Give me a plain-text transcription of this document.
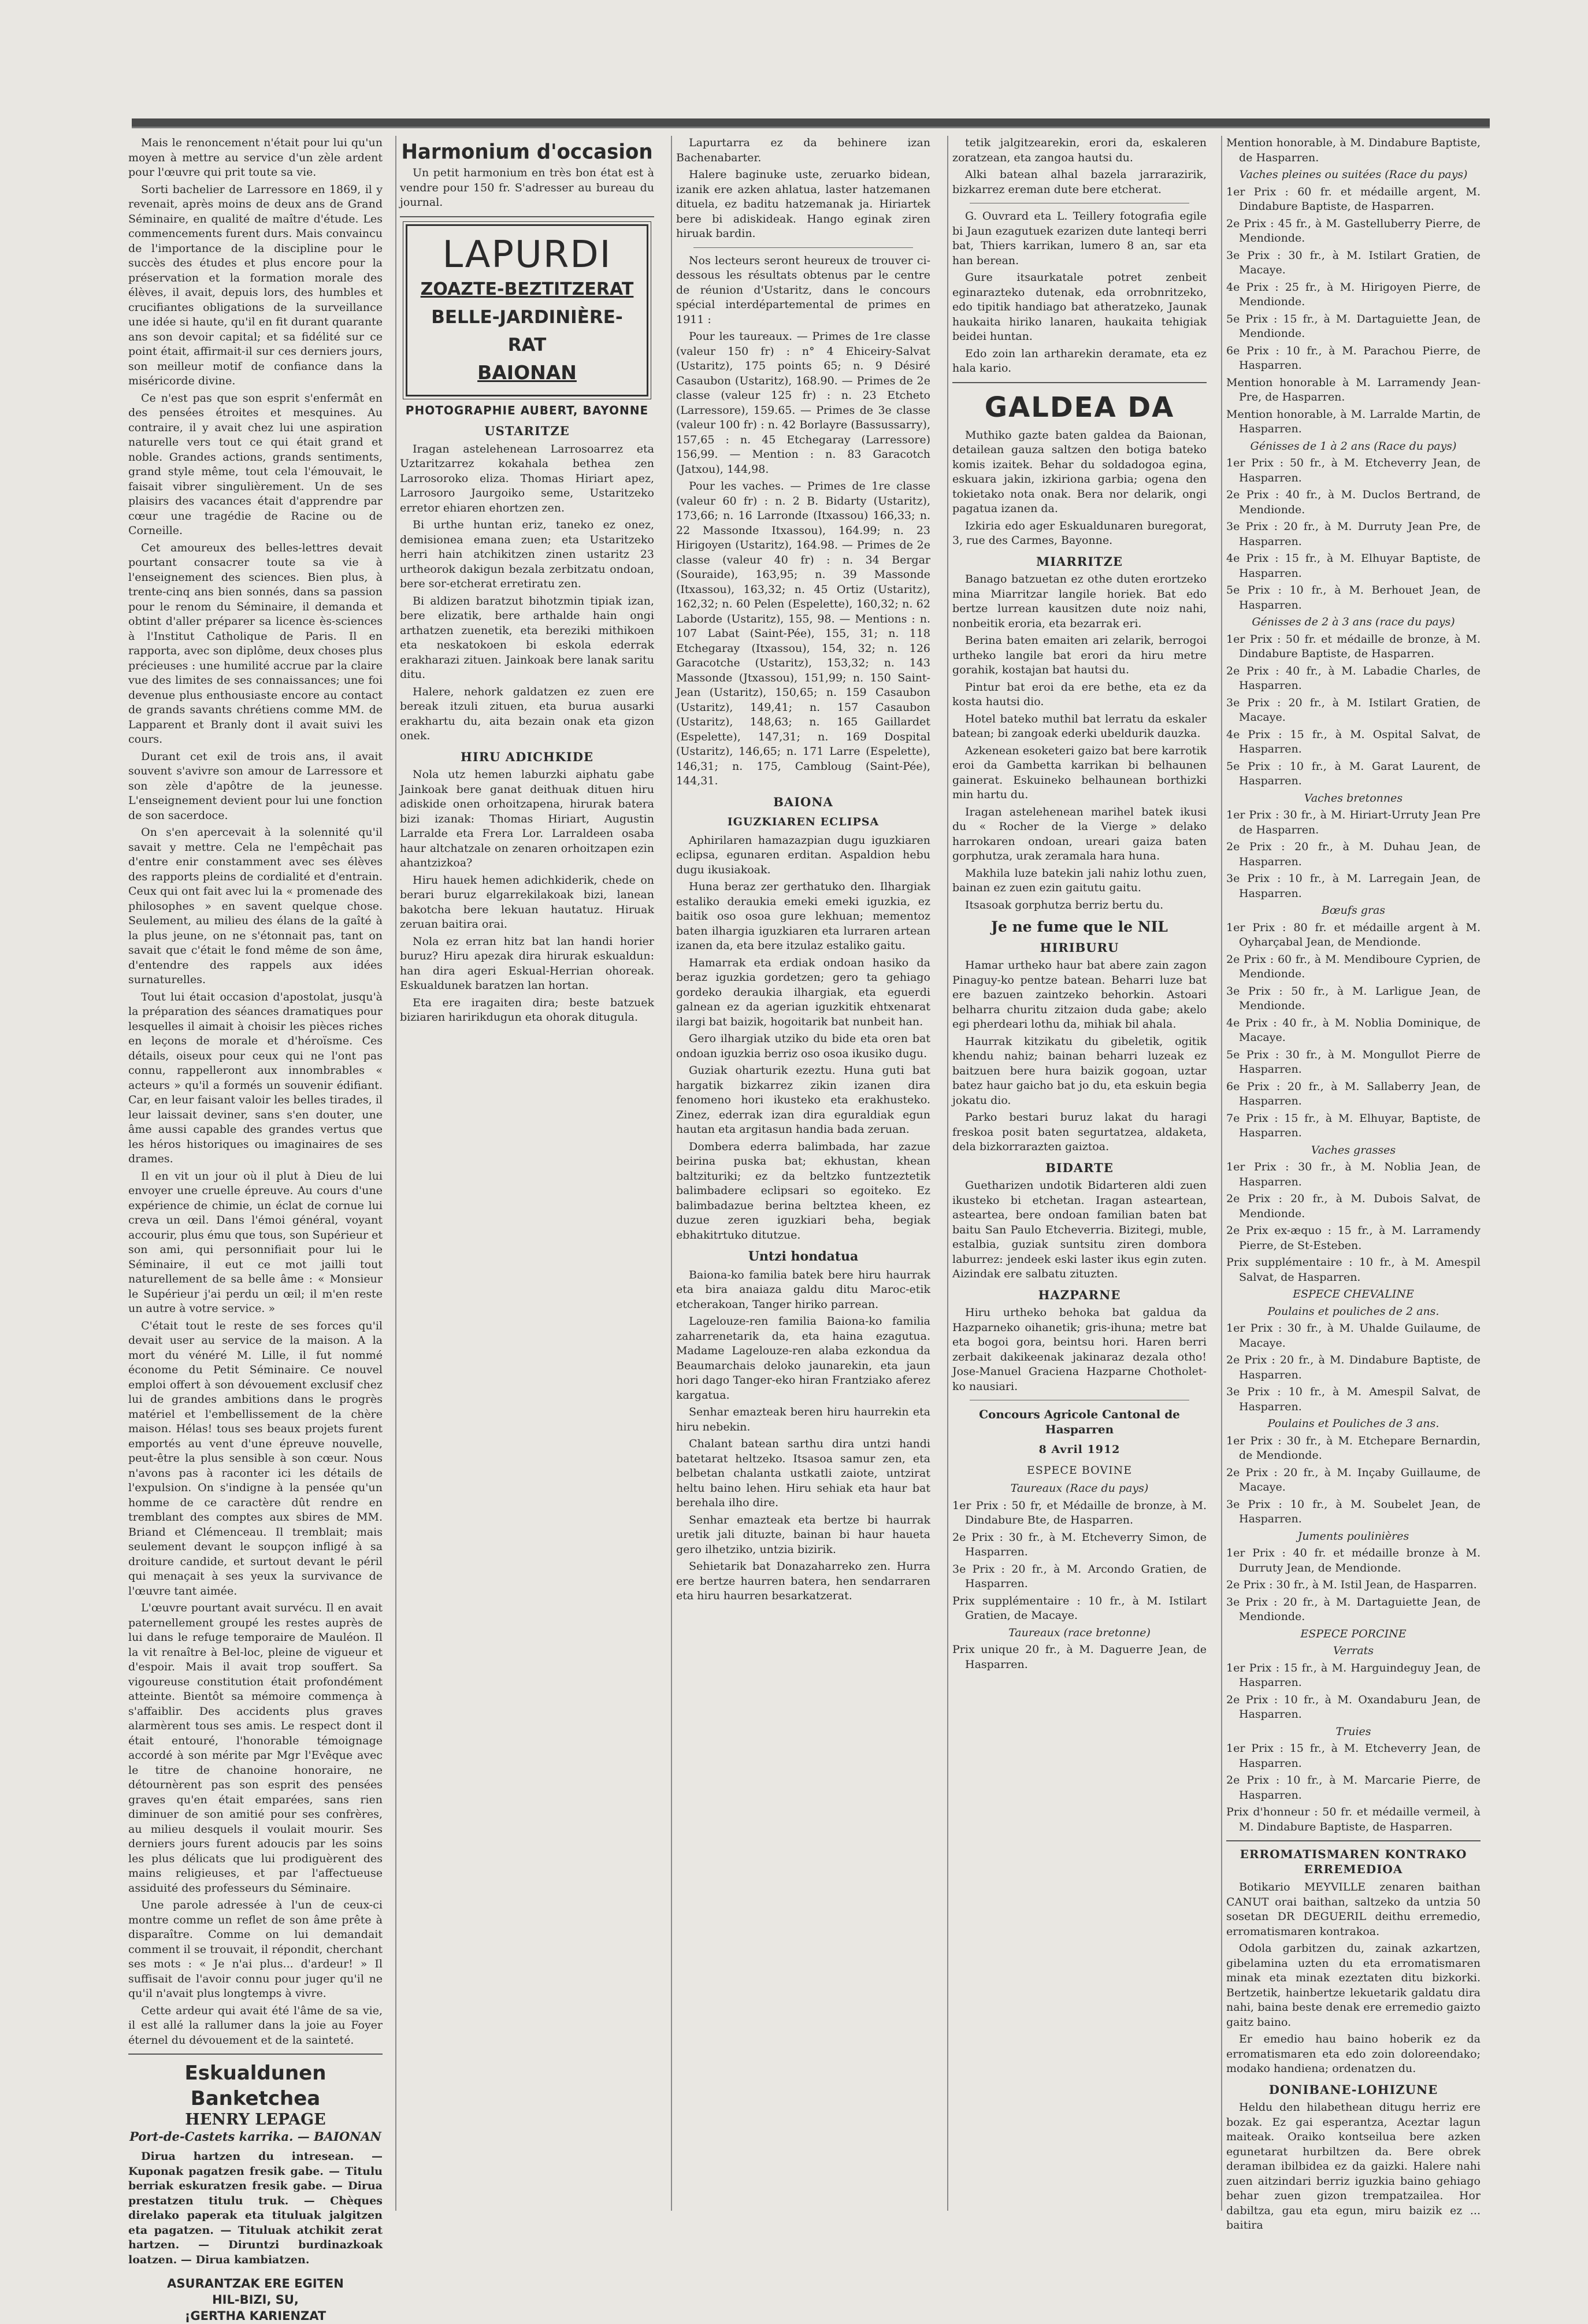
Mais le renoncement n'était pour lui qu'un moyen à mettre au service d'un zèle ardent pour l'œuvre qui prit toute sa vie.

Sorti bachelier de Larressore en 1869, il y revenait, après moins de deux ans de Grand Séminaire, en qualité de maître d'étude. Les commencements furent durs. Mais convaincu de l'importance de la discipline pour le succès des études et plus encore pour la préservation et la formation morale des élèves, il avait, depuis lors, des humbles et crucifiantes obligations de la surveillance une idée si haute, qu'il en fit durant quarante ans son devoir capital; et sa fidélité sur ce point était, affirmait-il sur ces derniers jours, son meilleur motif de confiance dans la miséricorde divine.

Ce n'est pas que son esprit s'enfermât en des pensées étroites et mesquines. Au contraire, il y avait chez lui une aspiration naturelle vers tout ce qui était grand et noble. Grandes actions, grands sentiments, grand style même, tout cela l'émouvait, le faisait vibrer singulièrement. Un de ses plaisirs des vacances était d'apprendre par cœur une tragédie de Racine ou de Corneille.

Cet amoureux des belles-lettres devait pourtant consacrer toute sa vie à l'enseignement des sciences. Bien plus, à trente-cinq ans bien sonnés, dans sa passion pour le renom du Séminaire, il demanda et obtint d'aller préparer sa licence ès-sciences à l'Institut Catholique de Paris. Il en rapporta, avec son diplôme, deux choses plus précieuses : une humilité accrue par la claire vue des limites de ses connaissances; une foi devenue plus enthousiaste encore au contact de grands savants chrétiens comme MM. de Lapparent et Branly dont il avait suivi les cours.

Durant cet exil de trois ans, il avait souvent s'avivre son amour de Larressore et son zèle d'apôtre de la jeunesse. L'enseignement devient pour lui une fonction de son sacerdoce.

On s'en apercevait à la solennité qu'il savait y mettre. Cela ne l'empêchait pas d'entre enir constamment avec ses élèves des rapports pleins de cordialité et d'entrain. Ceux qui ont fait avec lui la « promenade des philosophes » en savent quelque chose. Seulement, au milieu des élans de la gaîté à la plus jeune, on ne s'étonnait pas, tant on savait que c'était le fond même de son âme, d'entendre des rappels aux idées surnaturelles.

Tout lui était occasion d'apostolat, jusqu'à la préparation des séances dramatiques pour lesquelles il aimait à choisir les pièces riches en leçons de morale et d'héroïsme. Ces détails, oiseux pour ceux qui ne l'ont pas connu, rappelleront aux innombrables « acteurs » qu'il a formés un souvenir édifiant. Car, en leur faisant valoir les belles tirades, il leur laissait deviner, sans s'en douter, une âme aussi capable des grandes vertus que les héros historiques ou imaginaires de ses drames.

Il en vit un jour où il plut à Dieu de lui envoyer une cruelle épreuve. Au cours d'une expérience de chimie, un éclat de cornue lui creva un œil. Dans l'émoi général, voyant accourir, plus ému que tous, son Supérieur et son ami, qui personnifiait pour lui le Séminaire, il eut ce mot jailli tout naturellement de sa belle âme : « Monsieur le Supérieur j'ai perdu un œil; il m'en reste un autre à votre service. »

C'était tout le reste de ses forces qu'il devait user au service de la maison. A la mort du vénéré M. Lille, il fut nommé économe du Petit Séminaire. Ce nouvel emploi offert à son dévouement exclusif chez lui de grandes ambitions dans le progrès matériel et l'embellissement de la chère maison. Hélas! tous ses beaux projets furent emportés au vent d'une épreuve nouvelle, peut-être la plus sensible à son cœur. Nous n'avons pas à raconter ici les détails de l'expulsion. On s'indigne à la pensée qu'un homme de ce caractère dût rendre en tremblant des comptes aux sbires de MM. Briand et Clémenceau. Il tremblait; mais seulement devant le soupçon infligé à sa droiture candide, et surtout devant le péril qui menaçait à ses yeux la survivance de l'œuvre tant aimée.

L'œuvre pourtant avait survécu. Il en avait paternellement groupé les restes auprès de lui dans le refuge temporaire de Mauléon. Il la vit renaître à Bel-loc, pleine de vigueur et d'espoir. Mais il avait trop souffert. Sa vigoureuse constitution était profondément atteinte. Bientôt sa mémoire commença à s'affaiblir. Des accidents plus graves alarmèrent tous ses amis. Le respect dont il était entouré, l'honorable témoignage accordé à son mérite par Mgr l'Evêque avec le titre de chanoine honoraire, ne détournèrent pas son esprit des pensées graves qu'en était emparées, sans rien diminuer de son amitié pour ses confrères, au milieu desquels il voulait mourir. Ses derniers jours furent adoucis par les soins les plus délicats que lui prodiguèrent des mains religieuses, et par l'affectueuse assiduité des professeurs du Séminaire.

Une parole adressée à l'un de ceux-ci montre comme un reflet de son âme prête à disparaître. Comme on lui demandait comment il se trouvait, il répondit, cherchant ses mots : « Je n'ai plus... d'ardeur! » Il suffisait de l'avoir connu pour juger qu'il ne qu'il n'avait plus longtemps à vivre.

Cette ardeur qui avait été l'âme de sa vie, il est allé la rallumer dans la joie au Foyer éternel du dévouement et de la sainteté.

Eskualdunen Banketchea
HENRY LEPAGE
Port-de-Castets karrika. — BAIONAN

Dirua hartzen du intresean. — Kuponak pagatzen fresik gabe. — Titulu berriak eskuratzen fresik gabe. — Dirua prestatzen titulu truk. — Chèques direlako paperak eta tituluak jalgitzen eta pagatzen. — Tituluak atchikit zerat hartzen. — Diruntzi burdinazkoak loatzen. — Dirua kambiatzen.

ASURANTZAK ERE EGITEN
HIL-BIZI, SU,
¡GERTHA KARIENZAT
Harmonium d'occasion

Un petit harmonium en très bon état est à vendre pour 150 fr. S'adresser au bureau du journal.

LAPURDI
ZOAZTE-BEZTITZERAT
BELLE-JARDINIÈRE-RAT
BAIONAN
PHOTOGRAPHIE AUBERT, BAYONNE
USTARITZE

Iragan astelehenean Larrosoarrez eta Uztaritzarrez kokahala bethea zen Larrosoroko eliza. Thomas Hiriart apez, Larrosoro Jaurgoiko seme, Ustaritzeko erretor ehiaren ehortzen zen.

Bi urthe huntan eriz, taneko ez onez, demisionea emana zuen; eta Ustaritzeko herri hain atchikitzen zinen ustaritz 23 urtheorok dakigun bezala zerbitzatu ondoan, bere sor-etcherat erretiratu zen.

Bi aldizen baratzut bihotzmin tipiak izan, bere elizatik, bere arthalde hain ongi arthatzen zuenetik, eta bereziki mithikoen eta neskatokoen bi eskola ederrak erakharazi zituen. Jainkoak bere lanak saritu ditu.

Halere, nehork galdatzen ez zuen ere bereak itzuli zituen, eta burua ausarki erakhartu du, aita bezain onak eta gizon onek.

HIRU ADICHKIDE

Nola utz hemen laburzki aiphatu gabe Jainkoak bere ganat deithuak dituen hiru adiskide onen orhoitzapena, hirurak batera bizi izanak: Thomas Hiriart, Augustin Larralde eta Frera Lor. Larraldeen osaba haur altchatzale on zenaren orhoitzapen ezin ahantzizkoa?

Hiru hauek hemen adichkiderik, chede on berari buruz elgarrekilakoak bizi, lanean bakotcha bere lekuan hautatuz. Hiruak zeruan baitira orai.

Nola ez erran hitz bat lan handi horier buruz? Hiru apezak dira hirurak eskualdun: han dira ageri Eskual-Herrian ohoreak. Eskualdunek baratzen lan hortan.

Eta ere iragaiten dira; beste batzuek biziaren haririkdugun eta ohorak ditugula.

Lapurtarra ez da behinere izan Bachenabarter.

Halere baginuke uste, zeruarko bidean, izanik ere azken ahlatua, laster hatzemanen dituela, ez baditu hatzemanak ja. Hiriartek bere bi adiskideak. Hango eginak ziren hiruak bardin.

Nos lecteurs seront heureux de trouver ci-dessous les résultats obtenus par le centre de réunion d'Ustaritz, dans le concours spécial interdépartemental de primes en 1911 :

Pour les taureaux. — Primes de 1re classe (valeur 150 fr) : n° 4 Ehiceiry-Salvat (Ustaritz), 175 points 65; n. 9 Désiré Casaubon (Ustaritz), 168.90. — Primes de 2e classe (valeur 125 fr) : n. 23 Etcheto (Larressore), 159.65. — Primes de 3e classe (valeur 100 fr) : n. 42 Borlayre (Bassussarry), 157,65 : n. 45 Etchegaray (Larressore) 156,99. — Mention : n. 83 Garacotch (Jatxou), 144,98.

Pour les vaches. — Primes de 1re classe (valeur 60 fr) : n. 2 B. Bidarty (Ustaritz), 173,66; n. 16 Larronde (Itxassou) 166,33; n. 22 Massonde Itxassou), 164.99; n. 23 Hirigoyen (Ustaritz), 164.98. — Primes de 2e classe (valeur 40 fr) : n. 34 Bergar (Souraide), 163,95; n. 39 Massonde (Itxassou), 163,32; n. 45 Ortiz (Ustaritz), 162,32; n. 60 Pelen (Espelette), 160,32; n. 62 Laborde (Ustaritz), 155, 98. — Mentions : n. 107 Labat (Saint-Pée), 155, 31; n. 118 Etchegaray (Itxassou), 154, 32; n. 126 Garacotche (Ustaritz), 153,32; n. 143 Massonde (Jtxassou), 151,99; n. 150 Saint-Jean (Ustaritz), 150,65; n. 159 Casaubon (Ustaritz), 149,41; n. 157 Casaubon (Ustaritz), 148,63; n. 165 Gaillardet (Espelette), 147,31; n. 169 Dospital (Ustaritz), 146,65; n. 171 Larre (Espelette), 146,31; n. 175, Cambloug (Saint-Pée), 144,31.

BAIONA
IGUZKIAREN ECLIPSA

Aphirilaren hamazazpian dugu iguzkiaren eclipsa, egunaren erditan. Aspaldion hebu dugu ikusiakoak.

Huna beraz zer gerthatuko den. Ilhargiak estaliko deraukia emeki emeki iguzkia, ez baitik oso osoa gure lekhuan; mementoz baten ilhargia iguzkiaren eta lurraren artean izanen da, eta bere itzulaz estaliko gaitu.

Hamarrak eta erdiak ondoan hasiko da beraz iguzkia gordetzen; gero ta gehiago gordeko deraukia ilhargiak, eta eguerdi galnean ez da agerian iguzkitik ehtxenarat ilargi bat baizik, hogoitarik bat nunbeit han.

Gero ilhargiak utziko du bide eta oren bat ondoan iguzkia berriz oso osoa ikusiko dugu.

Guziak oharturik ezeztu. Huna guti bat hargatik bizkarrez zikin izanen dira fenomeno hori ikusteko eta erakhusteko. Zinez, ederrak izan dira eguraldiak egun hautan eta argitasun handia bada zeruan.

Dombera ederra balimbada, har zazue beirina puska bat; ekhustan, khean baltzituriki; ez da beltzko funtzeztetik balimbadere eclipsari so egoiteko. Ez balimbadazue berina beltztea kheen, ez duzue zeren iguzkiari beha, begiak ebhakitrtuko ditutzue.

Untzi hondatua

Baiona-ko familia batek bere hiru haurrak eta bira anaiaza galdu ditu Maroc-etik etcherakoan, Tanger hiriko parrean.

Lagelouze-ren familia Baiona-ko familia zaharrenetarik da, eta haina ezagutua. Madame Lagelouze-ren alaba ezkondua da Beaumarchais deloko jaunarekin, eta jaun hori dago Tanger-eko hiran Frantziako aferez kargatua.

Senhar emazteak beren hiru haurrekin eta hiru nebekin.

Chalant batean sarthu dira untzi handi batetarat heltzeko. Itsasoa samur zen, eta belbetan chalanta ustkatli zaiote, untzirat heltu baino lehen. Hiru sehiak eta haur bat berehala ilho dire.

Senhar emazteak eta bertze bi haurrak uretik jali dituzte, bainan bi haur haueta gero ilhetziko, untzia bizirik.

Sehietarik bat Donazaharreko zen. Hurra ere bertze haurren batera, hen sendarraren eta hiru haurren besarkatzerat.

tetik jalgitzearekin, erori da, eskaleren zoratzean, eta zangoa hautsi du.

Alki batean alhal bazela jarrarazirik, bizkarrez ereman dute bere etcherat.

G. Ouvrard eta L. Teillery fotografia egile bi Jaun ezagutuek ezarizen dute lanteqi berri bat, Thiers karrikan, lumero 8 an, sar eta han berean.

Gure itsaurkatale potret zenbeit eginarazteko dutenak, eda orrobnritzeko, edo tipitik handiago bat atheratzeko, Jaunak haukaita hiriko lanaren, haukaita tehigiak beidei huntan.

Edo zoin lan artharekin deramate, eta ez hala kario.

GALDEA DA

Muthiko gazte baten galdea da Baionan, detailean gauza saltzen den botiga bateko komis izaitek. Behar du soldadogoa egina, eskuara jakin, izkiriona garbia; ogena den tokietako nota onak. Bera nor delarik, ongi pagatua izanen da.

Izkiria edo ager Eskualdunaren buregorat, 3, rue des Carmes, Bayonne.

MIARRITZE

Banago batzuetan ez othe duten erortzeko mina Miarritzar langile horiek. Bat edo bertze lurrean kausitzen dute noiz nahi, nonbeitik eroria, eta bezarrak eri.

Berina baten emaiten ari zelarik, berrogoi urtheko langile bat erori da hiru metre gorahik, kostajan bat hautsi du.

Pintur bat eroi da ere bethe, eta ez da kosta hautsi dio.

Hotel bateko muthil bat lerratu da eskaler batean; bi zangoak ederki ubeldurik dauzka.

Azkenean esoketeri gaizo bat bere karrotik eroi da Gambetta karrikan bi belhaunen gainerat. Eskuineko belhaunean borthizki min hartu du.

Iragan astelehenean marihel batek ikusi du « Rocher de la Vierge » delako harrokaren ondoan, ureari gaiza baten gorphutza, urak zeramala hara huna.

Makhila luze batekin jali nahiz lothu zuen, bainan ez zuen ezin gaitutu gaitu.

Itsasoak gorphutza berriz bertu du.

Je ne fume que le NIL
HIRIBURU

Hamar urtheko haur bat abere zain zagon Pinaguy-ko pentze batean. Beharri luze bat ere bazuen zaintzeko behorkin. Astoari belharra churitu zitzaion duda gabe; akelo egi pherdeari lothu da, mihiak bil ahala.

Haurrak kitzikatu du gibeletik, ogitik khendu nahiz; bainan beharri luzeak ez baitzuen bere hura baizik gogoan, uztar batez haur gaicho bat jo du, eta eskuin begia jokatu dio.

Parko bestari buruz lakat du haragi freskoa posit baten segurtatzea, aldaketa, dela bizkorrarazten gaiztoa.

BIDARTE

Guetharizen undotik Bidarteren aldi zuen ikusteko bi etchetan. Iragan asteartean, asteartea, bere ondoan familian baten bat baitu San Paulo Etcheverria. Bizitegi, muble, estalbia, guziak suntsitu ziren dombora laburrez: jendeek eski laster ikus egin zuten. Aizindak ere salbatu zituzten.

HAZPARNE

Hiru urtheko behoka bat galdua da Hazparneko oihanetik; gris-ihuna; metre bat eta bogoi gora, beintsu hori. Haren berri zerbait dakikeenak jakinaraz dezala otho! Jose-Manuel Graciena Hazparne Chotholet-ko nausiari.

Concours Agricole Cantonal de Hasparren
8 Avril 1912
ESPECE BOVINE
Taureaux (Race du pays)

1er Prix : 50 fr, et Médaille de bronze, à M. Dindabure Bte, de Hasparren.

2e Prix : 30 fr., à M. Etcheverry Simon, de Hasparren.

3e Prix : 20 fr., à M. Arcondo Gratien, de Hasparren.

Prix supplémentaire : 10 fr., à M. Istilart Gratien, de Macaye.

Taureaux (race bretonne)

Prix unique 20 fr., à M. Daguerre Jean, de Hasparren.

Mention honorable, à M. Dindabure Baptiste, de Hasparren.

Vaches pleines ou suitées (Race du pays)

1er Prix : 60 fr. et médaille argent, M. Dindabure Baptiste, de Hasparren.

2e Prix : 45 fr., à M. Gastelluberry Pierre, de Mendionde.

3e Prix : 30 fr., à M. Istilart Gratien, de Macaye.

4e Prix : 25 fr., à M. Hirigoyen Pierre, de Mendionde.

5e Prix : 15 fr., à M. Dartaguiette Jean, de Mendionde.

6e Prix : 10 fr., à M. Parachou Pierre, de Hasparren.

Mention honorable à M. Larramendy Jean-Pre, de Hasparren.

Mention honorable, à M. Larralde Martin, de Hasparren.

Génisses de 1 à 2 ans (Race du pays)

1er Prix : 50 fr., à M. Etcheverry Jean, de Hasparren.

2e Prix : 40 fr., à M. Duclos Bertrand, de Mendionde.

3e Prix : 20 fr., à M. Durruty Jean Pre, de Hasparren.

4e Prix : 15 fr., à M. Elhuyar Baptiste, de Hasparren.

5e Prix : 10 fr., à M. Berhouet Jean, de Hasparren.

Génisses de 2 à 3 ans (race du pays)

1er Prix : 50 fr. et médaille de bronze, à M. Dindabure Baptiste, de Hasparren.

2e Prix : 40 fr., à M. Labadie Charles, de Hasparren.

3e Prix : 20 fr., à M. Istilart Gratien, de Macaye.

4e Prix : 15 fr., à M. Ospital Salvat, de Hasparren.

5e Prix : 10 fr., à M. Garat Laurent, de Hasparren.

Vaches bretonnes

1er Prix : 30 fr., à M. Hiriart-Urruty Jean Pre de Hasparren.

2e Prix : 20 fr., à M. Duhau Jean, de Hasparren.

3e Prix : 10 fr., à M. Larregain Jean, de Hasparren.

Bœufs gras

1er Prix : 80 fr. et médaille argent à M. Oyharçabal Jean, de Mendionde.

2e Prix : 60 fr., à M. Mendiboure Cyprien, de Mendionde.

3e Prix : 50 fr., à M. Larligue Jean, de Mendionde.

4e Prix : 40 fr., à M. Noblia Dominique, de Macaye.

5e Prix : 30 fr., à M. Mongullot Pierre de Hasparren.

6e Prix : 20 fr., à M. Sallaberry Jean, de Hasparren.

7e Prix : 15 fr., à M. Elhuyar, Baptiste, de Hasparren.

Vaches grasses

1er Prix : 30 fr., à M. Noblia Jean, de Hasparren.

2e Prix : 20 fr., à M. Dubois Salvat, de Mendionde.

2e Prix ex-æquo : 15 fr., à M. Larramendy Pierre, de St-Esteben.

Prix supplémentaire : 10 fr., à M. Amespil Salvat, de Hasparren.

ESPECE CHEVALINE
Poulains et pouliches de 2 ans.

1er Prix : 30 fr., à M. Uhalde Guilaume, de Macaye.

2e Prix : 20 fr., à M. Dindabure Baptiste, de Hasparren.

3e Prix : 10 fr., à M. Amespil Salvat, de Hasparren.

Poulains et Pouliches de 3 ans.

1er Prix : 30 fr., à M. Etchepare Bernardin, de Mendionde.

2e Prix : 20 fr., à M. Inçaby Guillaume, de Macaye.

3e Prix : 10 fr., à M. Soubelet Jean, de Hasparren.

Juments poulinières

1er Prix : 40 fr. et médaille bronze à M. Durruty Jean, de Mendionde.

2e Prix : 30 fr., à M. Istil Jean, de Hasparren.

3e Prix : 20 fr., à M. Dartaguiette Jean, de Mendionde.

ESPECE PORCINE
Verrats

1er Prix : 15 fr., à M. Harguindeguy Jean, de Hasparren.

2e Prix : 10 fr., à M. Oxandaburu Jean, de Hasparren.

Truies

1er Prix : 15 fr., à M. Etcheverry Jean, de Hasparren.

2e Prix : 10 fr., à M. Marcarie Pierre, de Hasparren.

Prix d'honneur : 50 fr. et médaille vermeil, à M. Dindabure Baptiste, de Hasparren.

ERROMATISMAREN KONTRAKO ERREMEDIOA

Botikario MEYVILLE zenaren baithan CANUT orai baithan, saltzeko da untzia 50 sosetan DR DEGUERIL deithu erremedio, erromatismaren kontrakoa.

Odola garbitzen du, zainak azkartzen, gibelamina uzten du eta erromatismaren minak eta minak ezeztaten ditu bizkorki. Bertzetik, hainbertze lekuetarik galdatu dira nahi, baina beste denak ere erremedio gaizto gaitz baino.

Er emedio hau baino hoberik ez da erromatismaren eta edo zoin doloreendako; modako handiena; ordenatzen du.

DONIBANE-LOHIZUNE

Heldu den hilabethean ditugu herriz ere bozak. Ez gai esperantza, Aceztar lagun maiteak. Oraiko kontseilua bere azken egunetarat hurbiltzen da. Bere obrek deraman ibilbidea ez da gaizki. Halere nahi zuen aitzindari berriz iguzkia baino gehiago behar zuen gizon trempatzailea. Hor dabiltza, gau eta egun, miru baizik ez ... baitira
